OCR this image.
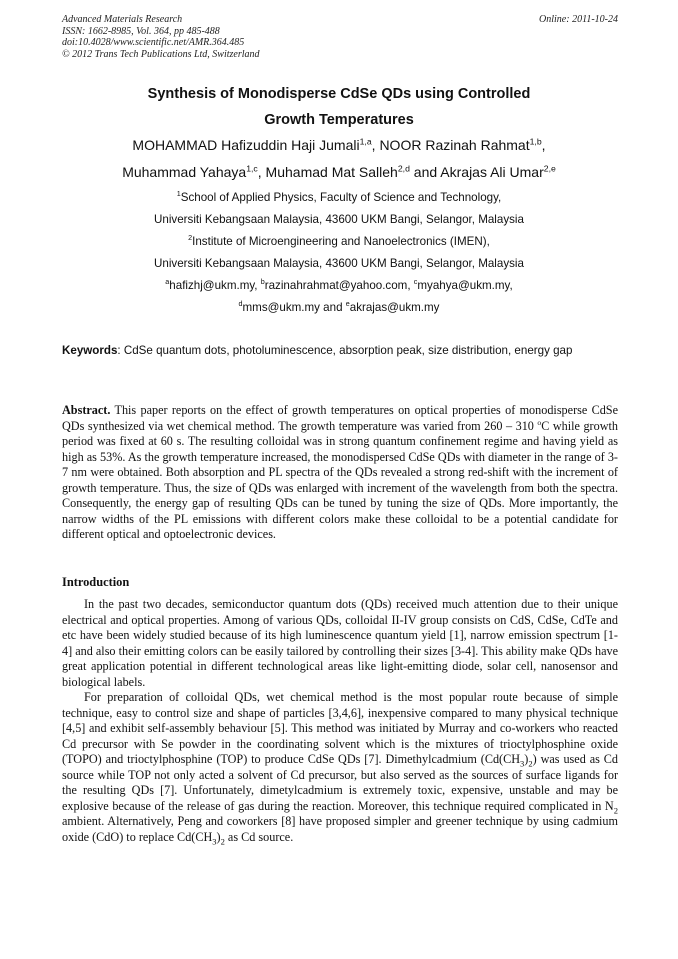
Advanced Materials Research
ISSN: 1662-8985, Vol. 364, pp 485-488
doi:10.4028/www.scientific.net/AMR.364.485
© 2012 Trans Tech Publications Ltd, Switzerland
Online: 2011-10-24
Synthesis of Monodisperse CdSe QDs using Controlled
Growth Temperatures
MOHAMMAD Hafizuddin Haji Jumali$^{1,a}$, NOOR Razinah Rahmat$^{1,b}$,
Muhammad Yahaya$^{1,c}$, Muhamad Mat Salleh$^{2,d}$ and Akrajas Ali Umar$^{2,e}$
$^1$School of Applied Physics, Faculty of Science and Technology,
Universiti Kebangsaan Malaysia, 43600 UKM Bangi, Selangor, Malaysia
$^2$Institute of Microengineering and Nanoelectronics (IMEN),
Universiti Kebangsaan Malaysia, 43600 UKM Bangi, Selangor, Malaysia
$^a$hafizhj@ukm.my, $^b$razinahrahmat@yahoo.com, $^c$myahya@ukm.my,
$^d$mms@ukm.my and $^e$akrajas@ukm.my
Keywords: CdSe quantum dots, photoluminescence, absorption peak, size distribution, energy gap
Abstract. This paper reports on the effect of growth temperatures on optical properties of monodisperse CdSe QDs synthesized via wet chemical method. The growth temperature was varied from 260 – 310 $^o$C while growth period was fixed at 60 s. The resulting colloidal was in strong quantum confinement regime and having yield as high as 53%. As the growth temperature increased, the monodispersed CdSe QDs with diameter in the range of 3-7 nm were obtained. Both absorption and PL spectra of the QDs revealed a strong red-shift with the increment of growth temperature. Thus, the size of QDs was enlarged with increment of the wavelength from both the spectra. Consequently, the energy gap of resulting QDs can be tuned by tuning the size of QDs. More importantly, the narrow widths of the PL emissions with different colors make these colloidal to be a potential candidate for different optical and optoelectronic devices.
Introduction

In the past two decades, semiconductor quantum dots (QDs) received much attention due to their unique electrical and optical properties. Among of various QDs, colloidal II-IV group consists on CdS, CdSe, CdTe and etc have been widely studied because of its high luminescence quantum yield [1], narrow emission spectrum [1-4] and also their emitting colors can be easily tailored by controlling their sizes [3-4]. This ability make QDs have great application potential in different technological areas like light-emitting diode, solar cell, nanosensor and biological labels.

For preparation of colloidal QDs, wet chemical method is the most popular route because of simple technique, easy to control size and shape of particles [3,4,6], inexpensive compared to many physical technique [4,5] and exhibit self-assembly behaviour [5]. This method was initiated by Murray and co-workers who reacted Cd precursor with Se powder in the coordinating solvent which is the mixtures of trioctylphosphine oxide (TOPO) and trioctylphosphine (TOP) to produce CdSe QDs [7]. Dimethylcadmium $(Cd(CH_3)_2)$ was used as Cd source while TOP not only acted a solvent of Cd precursor, but also served as the sources of surface ligands for the resulting QDs [7]. Unfortunately, dimetylcadmium is extremely toxic, expensive, unstable and may be explosive because of the release of gas during the reaction. Moreover, this technique required complicated in $N_2$ ambient. Alternatively, Peng and coworkers [8] have proposed simpler and greener technique by using cadmium oxide (CdO) to replace $Cd(CH_3)_2$ as Cd source.
